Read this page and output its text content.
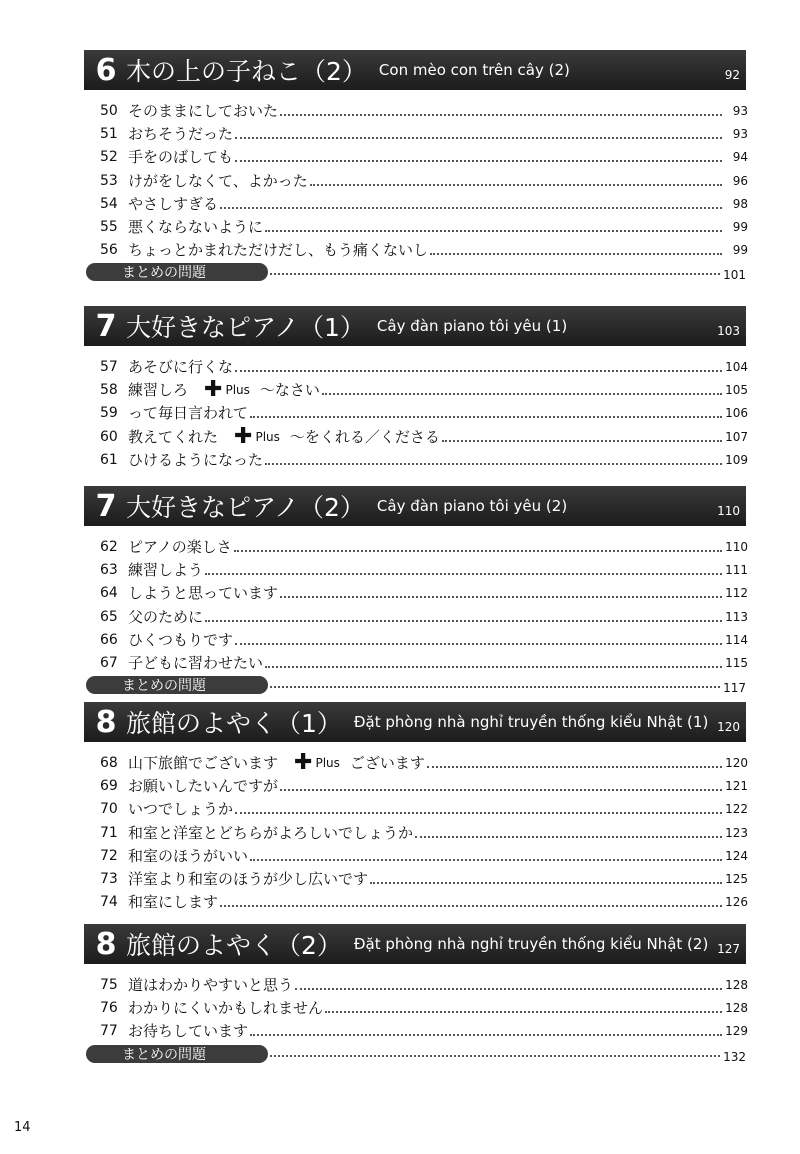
6 木の上の子ねこ（2） Con mèo con trên cây (2)	92
50 そのままにしておいた	93
51 おちそうだった	93
52 手をのばしても	94
53 けがをしなくて、よかった	96
54 やさしすぎる	98
55 悪くならないように	99
56 ちょっとかまれただけだし、もう痛くないし	99
まとめの問題	101
7 大好きなピアノ（1） Cây đàn piano tôi yêu (1)	103
57 あそびに行くな	104
58 練習しろ ✚ Plus ～なさい	105
59 って毎日言われて	106
60 教えてくれた ✚ Plus ～をくれる／くださる	107
61 ひけるようになった	109
7 大好きなピアノ（2） Cây đàn piano tôi yêu (2)	110
62 ピアノの楽しさ	110
63 練習しよう	111
64 しようと思っています	112
65 父のために	113
66 ひくつもりです	114
67 子どもに習わせたい	115
まとめの問題	117
8 旅館のよやく（1） Đặt phòng nhà nghỉ truyền thống kiểu Nhật (1) 120
68 山下旅館でございます ✚ Plus ございます	120
69 お願いしたいんですが	121
70 いつでしょうか	122
71 和室と洋室とどちらがよろしいでしょうか	123
72 和室のほうがいい	124
73 洋室より和室のほうが少し広いです	125
74 和室にします	126
8 旅館のよやく（2） Đặt phòng nhà nghỉ truyền thống kiểu Nhật (2) 127
75 道はわかりやすいと思う	128
76 わかりにくいかもしれません	128
77 お待ちしています	129
まとめの問題	132
14
